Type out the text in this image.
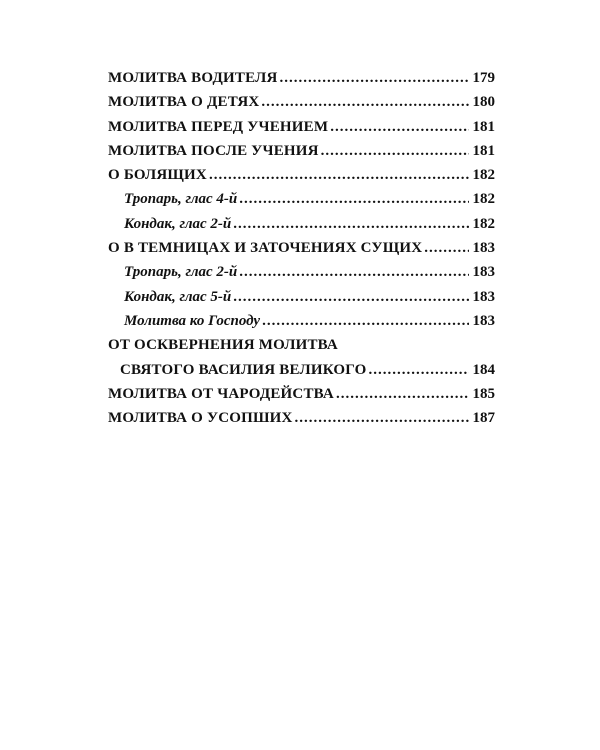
МОЛИТВА ВОДИТЕЛЯ .....	179
МОЛИТВА О ДЕТЯХ .....	180
МОЛИТВА ПЕРЕД УЧЕНИЕМ .....	181
МОЛИТВА ПОСЛЕ УЧЕНИЯ .....	181
О БОЛЯЩИХ .....	182
Тропарь, глас 4-й .....	182
Кондак, глас 2-й .....	182
О В ТЕМНИЦАХ И ЗАТОЧЕНИЯХ СУЩИХ .....	183
Тропарь, глас 2-й .....	183
Кондак, глас 5-й .....	183
Молитва ко Господу .....	183
ОТ ОСКВЕРНЕНИЯ МОЛИТВА
СВЯТОГО ВАСИЛИЯ ВЕЛИКОГО .....	184
МОЛИТВА ОТ ЧАРОДЕЙСТВА .....	185
МОЛИТВА О УСОПШИХ .....	187
